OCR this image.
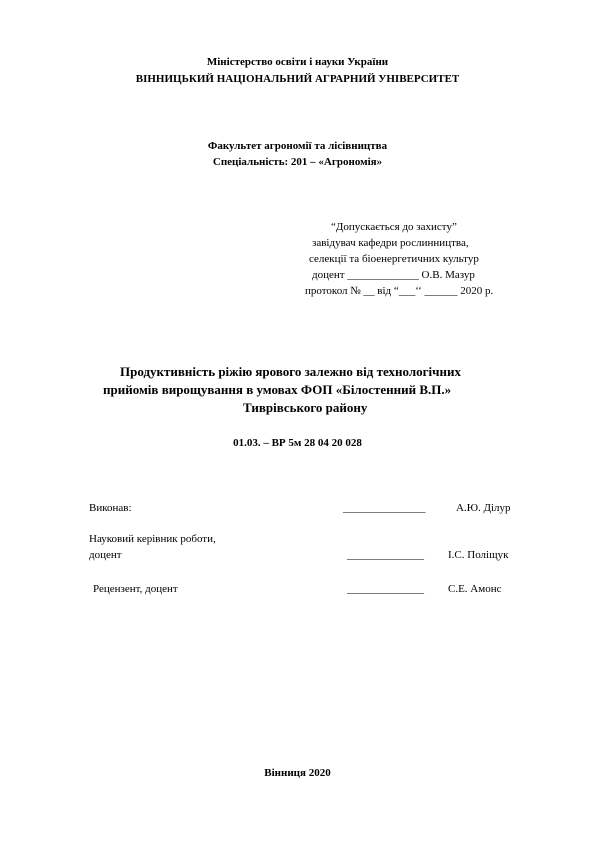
Міністерство освіти і науки України
ВІННИЦЬКИЙ НАЦІОНАЛЬНИЙ АГРАРНИЙ УНІВЕРСИТЕТ
Факультет агрономії та лісівництва
Спеціальність: 201 – «Агрономія»
“Допускається до захисту”
завідувач кафедри рослинництва,
селекції та біоенергетичних культур
доцент _____________ О.В. Мазур
протокол № __ від “___‘‘ ______ 2020 р.
Продуктивність ріжію ярового залежно від технологічних
прийомів вирощування в умовах ФОП «Білостенний В.П.»
Тиврівського району
01.03. – ВР 5м 28 04 20 028
Виконав:	_______________	А.Ю. Ділур
Науковий керівник роботи,
доцент	______________ І.С. Поліщук
Рецензент, доцент	______________ С.Е. Амонс
Вінниця 2020
